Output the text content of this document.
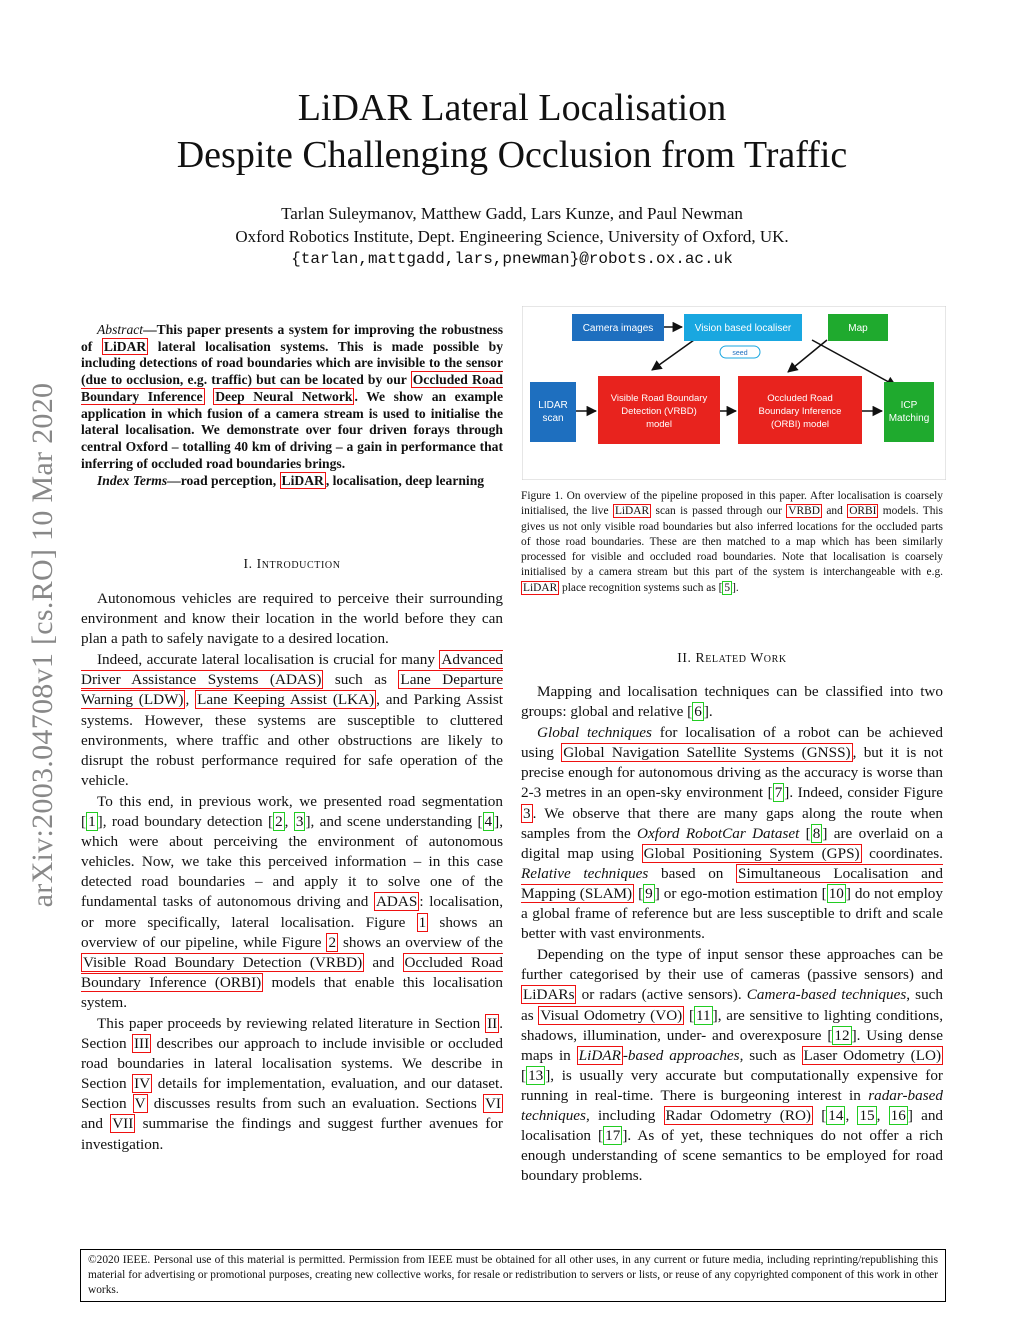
LiDAR Lateral Localisation
Despite Challenging Occlusion from Traffic
Tarlan Suleymanov, Matthew Gadd, Lars Kunze, and Paul Newman
Oxford Robotics Institute, Dept. Engineering Science, University of Oxford, UK.
{tarlan,mattgadd,lars,pnewman}@robots.ox.ac.uk
arXiv:2003.04708v1 [cs.RO] 10 Mar 2020

Abstract—This paper presents a system for improving the robustness of LiDAR lateral localisation systems. This is made possible by including detections of road boundaries which are invisible to the sensor (due to occlusion, e.g. traffic) but can be located by our Occluded Road Boundary Inference Deep Neural Network . We show an example application in which fusion of a camera stream is used to initialise the lateral localisation. We demonstrate over four driven forays through central Oxford – totalling 40 km of driving – a gain in performance that inferring of occluded road boundaries brings.

Index Terms—road perception, LiDAR , localisation, deep learning

I. Introduction

Autonomous vehicles are required to perceive their surrounding environment and know their location in the world before they can plan a path to safely navigate to a desired location.

Indeed, accurate lateral localisation is crucial for many Advanced Driver Assistance Systems (ADAS) such as Lane Departure Warning (LDW) , Lane Keeping Assist (LKA) , and Parking Assist systems. However, these systems are susceptible to cluttered environments, where traffic and other obstructions are likely to disrupt the robust performance required for safe operation of the vehicle.

To this end, in previous work, we presented road segmentation [ 1 ], road boundary detection [ 2 , 3 ], and scene understanding [ 4 ], which were about perceiving the environment of autonomous vehicles. Now, we take this perceived information – in this case detected road boundaries – and apply it to solve one of the fundamental tasks of autonomous driving and ADAS : localisation, or more specifically, lateral localisation. Figure 1 shows an overview of our pipeline, while Figure 2 shows an overview of the Visible Road Boundary Detection (VRBD) and Occluded Road Boundary Inference (ORBI) models that enable this localisation system.

This paper proceeds by reviewing related literature in Section II . Section III describes our approach to include invisible or occluded road boundaries in lateral localisation systems. We describe in Section IV details for implementation, evaluation, and our dataset. Section V discusses results from such an evaluation. Sections VI and VII summarise the findings and suggest further avenues for investigation.

Camera images	Vision based localiser	Map
seed
LIDAR
scan
Visible Road Boundary
Detection (VRBD)
model
Occluded Road
Boundary Inference
(ORBI) model
ICP
Matching
Figure 1. On overview of the pipeline proposed in this paper. After localisation is coarsely initialised, the live LiDAR scan is passed through our VRBD and ORBI models. This gives us not only visible road boundaries but also inferred locations for the occluded parts of those road boundaries. These are then matched to a map which has been similarly processed for visible and occluded road boundaries. Note that localisation is coarsely initialised by a camera stream but this part of the system is interchangeable with e.g. LiDAR place recognition systems such as [ 5 ].
II. Related Work

Mapping and localisation techniques can be classified into two groups: global and relative [ 6 ].

Global techniques for localisation of a robot can be achieved using Global Navigation Satellite Systems (GNSS) , but it is not precise enough for autonomous driving as the accuracy is worse than 2-3 metres in an open-sky environment [ 7 ]. Indeed, consider Figure 3 . We observe that there are many gaps along the route when samples from the Oxford RobotCar Dataset [ 8 ] are overlaid on a digital map using Global Positioning System (GPS) coordinates. Relative techniques based on Simultaneous Localisation and Mapping (SLAM) [ 9 ] or ego-motion estimation [ 10 ] do not employ a global frame of reference but are less susceptible to drift and scale better with vast environments.

Depending on the type of input sensor these approaches can be further categorised by their use of cameras (passive sensors) and LiDARs or radars (active sensors). Camera-based techniques, such as Visual Odometry (VO) [ 11 ], are sensitive to lighting conditions, shadows, illumination, under- and overexposure [ 12 ]. Using dense maps in LiDAR -based approaches, such as Laser Odometry (LO) [ 13 ], is usually very accurate but computationally expensive for running in real-time. There is burgeoning interest in radar-based techniques, including Radar Odometry (RO) [ 14 , 15 , 16 ] and localisation [ 17 ]. As of yet, these techniques do not offer a rich enough understanding of scene semantics to be employed for road boundary problems.

©2020 IEEE. Personal use of this material is permitted. Permission from IEEE must be obtained for all other uses, in any current or future media, including reprinting/republishing this material for advertising or promotional purposes, creating new collective works, for resale or redistribution to servers or lists, or reuse of any copyrighted component of this work in other works.
